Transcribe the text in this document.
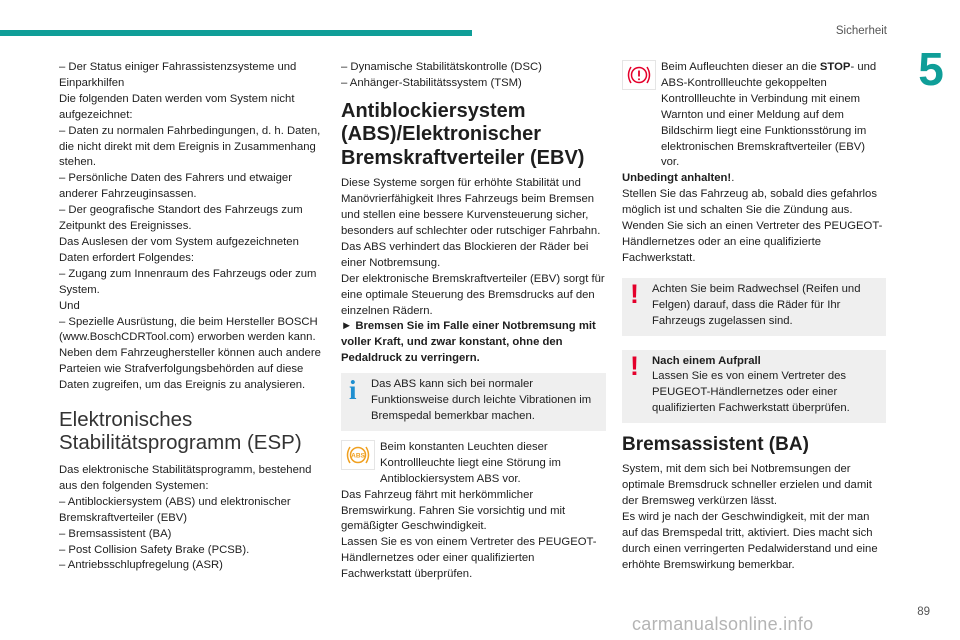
Sicherheit
5

– Der Status einiger Fahrassistenzsysteme und Einparkhilfen

Die folgenden Daten werden vom System nicht aufgezeichnet:

– Daten zu normalen Fahrbedingungen, d. h. Daten, die nicht direkt mit dem Ereignis in Zusammenhang stehen.

– Persönliche Daten des Fahrers und etwaiger anderer Fahrzeuginsassen.

– Der geografische Standort des Fahrzeugs zum Zeitpunkt des Ereignisses.

Das Auslesen der vom System aufgezeichneten Daten erfordert Folgendes:

– Zugang zum Innenraum des Fahrzeugs oder zum System.

Und

– Spezielle Ausrüstung, die beim Hersteller BOSCH (www.BoschCDRTool.com) erworben werden kann.

Neben dem Fahrzeughersteller können auch andere Parteien wie Strafverfolgungsbehörden auf diese Daten zugreifen, um das Ereignis zu analysieren.

Elektronisches Stabilitätsprogramm (ESP)

Das elektronische Stabilitätsprogramm, bestehend aus den folgenden Systemen:

– Antiblockiersystem (ABS) und elektronischer Bremskraftverteiler (EBV)

– Bremsassistent (BA)

– Post Collision Safety Brake (PCSB).

– Antriebsschlupfregelung (ASR)

– Dynamische Stabilitätskontrolle (DSC)

– Anhänger-Stabilitätssystem (TSM)

Antiblockiersystem (ABS)/Elektronischer Bremskraftverteiler (EBV)

Diese Systeme sorgen für erhöhte Stabilität und Manövrierfähigkeit Ihres Fahrzeugs beim Bremsen und stellen eine bessere Kurvensteuerung sicher, besonders auf schlechter oder rutschiger Fahrbahn.

Das ABS verhindert das Blockieren der Räder bei einer Notbremsung.

Der elektronische Bremskraftverteiler (EBV) sorgt für eine optimale Steuerung des Bremsdrucks auf den einzelnen Rädern.

► Bremsen Sie im Falle einer Notbremsung mit voller Kraft, und zwar konstant, ohne den Pedaldruck zu verringern.

i	Das ABS kann sich bei normaler Funktionsweise durch leichte Vibrationen im Bremspedal bemerkbar machen.

ABS

Beim konstanten Leuchten dieser Kontrollleuchte liegt eine Störung im Antiblockiersystem ABS vor.

Das Fahrzeug fährt mit herkömmlicher Bremswirkung. Fahren Sie vorsichtig und mit gemäßigter Geschwindigkeit.

Lassen Sie es von einem Vertreter des PEUGEOT-Händlernetzes oder einer qualifizierten Fachwerkstatt überprüfen.

Beim Aufleuchten dieser an die STOP- und ABS-Kontrollleuchte gekoppelten Kontrollleuchte in Verbindung mit einem Warnton und einer Meldung auf dem Bildschirm liegt eine Funktionsstörung im elektronischen Bremskraftverteiler (EBV) vor.

Unbedingt anhalten!.

Stellen Sie das Fahrzeug ab, sobald dies gefahrlos möglich ist und schalten Sie die Zündung aus.

Wenden Sie sich an einen Vertreter des PEUGEOT-Händlernetzes oder an eine qualifizierte Fachwerkstatt.

!	Achten Sie beim Radwechsel (Reifen und Felgen) darauf, dass die Räder für Ihr Fahrzeugs zugelassen sind.

!	Nach einem Aufprall

Lassen Sie es von einem Vertreter des PEUGEOT-Händlernetzes oder einer qualifizierten Fachwerkstatt überprüfen.

Bremsassistent (BA)

System, mit dem sich bei Notbremsungen der optimale Bremsdruck schneller erzielen und damit der Bremsweg verkürzen lässt.

Es wird je nach der Geschwindigkeit, mit der man auf das Bremspedal tritt, aktiviert. Dies macht sich durch einen verringerten Pedalwiderstand und eine erhöhte Bremswirkung bemerkbar.

89
carmanualsonline.info
